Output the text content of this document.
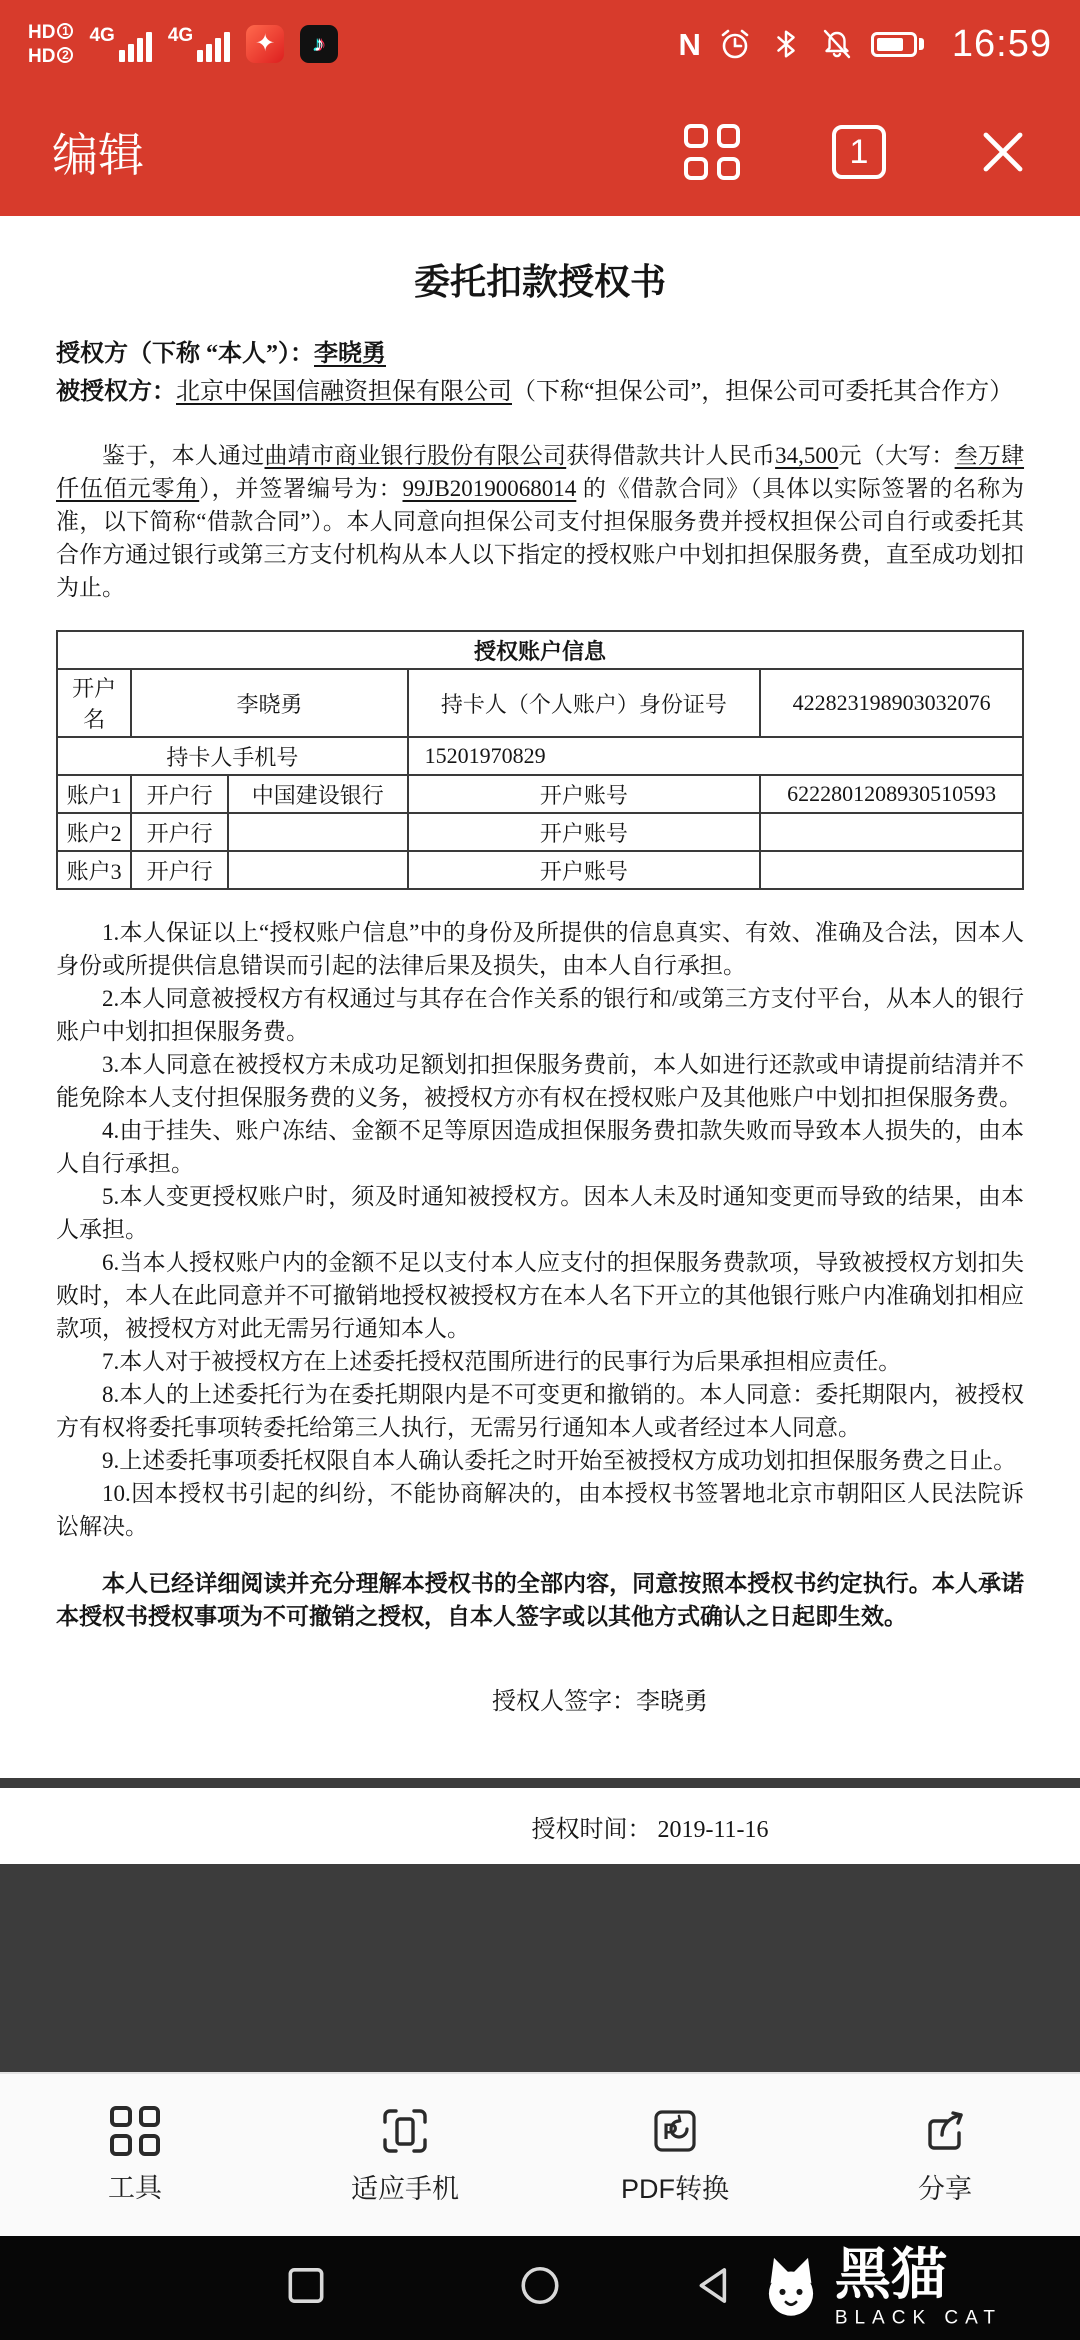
HD 1
HD 2
4G	4G	✦	♪	N	16:59
编辑	1
委托扣款授权书

授权方（下称 “本人”）：李晓勇

被授权方：北京中保国信融资担保有限公司（下称“担保公司”，担保公司可委托其合作方）

鉴于，本人通过曲靖市商业银行股份有限公司获得借款共计人民币34,500元（大写：叁万肆仟伍佰元零角），并签署编号为：99JB20190068014 的《借款合同》（具体以实际签署的名称为准，以下简称“借款合同”）。本人同意向担保公司支付担保服务费并授权担保公司自行或委托其合作方通过银行或第三方支付机构从本人以下指定的授权账户中划扣担保服务费，直至成功划扣为止。

授权账户信息				
开户名	李晓勇		持卡人（个人账户）身份证号	422823198903032076
持卡人手机号			15201970829	
账户1	开户行	中国建设银行	开户账号	6222801208930510593
账户2	开户行		开户账号	
账户3	开户行		开户账号	

1.本人保证以上“授权账户信息”中的身份及所提供的信息真实、有效、准确及合法，因本人身份或所提供信息错误而引起的法律后果及损失，由本人自行承担。

2.本人同意被授权方有权通过与其存在合作关系的银行和/或第三方支付平台，从本人的银行账户中划扣担保服务费。

3.本人同意在被授权方未成功足额划扣担保服务费前，本人如进行还款或申请提前结清并不能免除本人支付担保服务费的义务，被授权方亦有权在授权账户及其他账户中划扣担保服务费。

4.由于挂失、账户冻结、金额不足等原因造成担保服务费扣款失败而导致本人损失的，由本人自行承担。

5.本人变更授权账户时，须及时通知被授权方。因本人未及时通知变更而导致的结果，由本人承担。

6.当本人授权账户内的金额不足以支付本人应支付的担保服务费款项，导致被授权方划扣失败时，本人在此同意并不可撤销地授权被授权方在本人名下开立的其他银行账户内准确划扣相应款项，被授权方对此无需另行通知本人。

7.本人对于被授权方在上述委托授权范围所进行的民事行为后果承担相应责任。

8.本人的上述委托行为在委托期限内是不可变更和撤销的。本人同意：委托期限内，被授权方有权将委托事项转委托给第三人执行，无需另行通知本人或者经过本人同意。

9.上述委托事项委托权限自本人确认委托之时开始至被授权方成功划扣担保服务费之日止。

10.因本授权书引起的纠纷，不能协商解决的，由本授权书签署地北京市朝阳区人民法院诉讼解决。

本人已经详细阅读并充分理解本授权书的全部内容，同意按照本授权书约定执行。本人承诺本授权书授权事项为不可撤销之授权，自本人签字或以其他方式确认之日起即生效。

授权人签字：李晓勇

授权时间： 2019-11-16

工具	适应手机
P
PDF转换	分享
黑猫
BLACK CAT
